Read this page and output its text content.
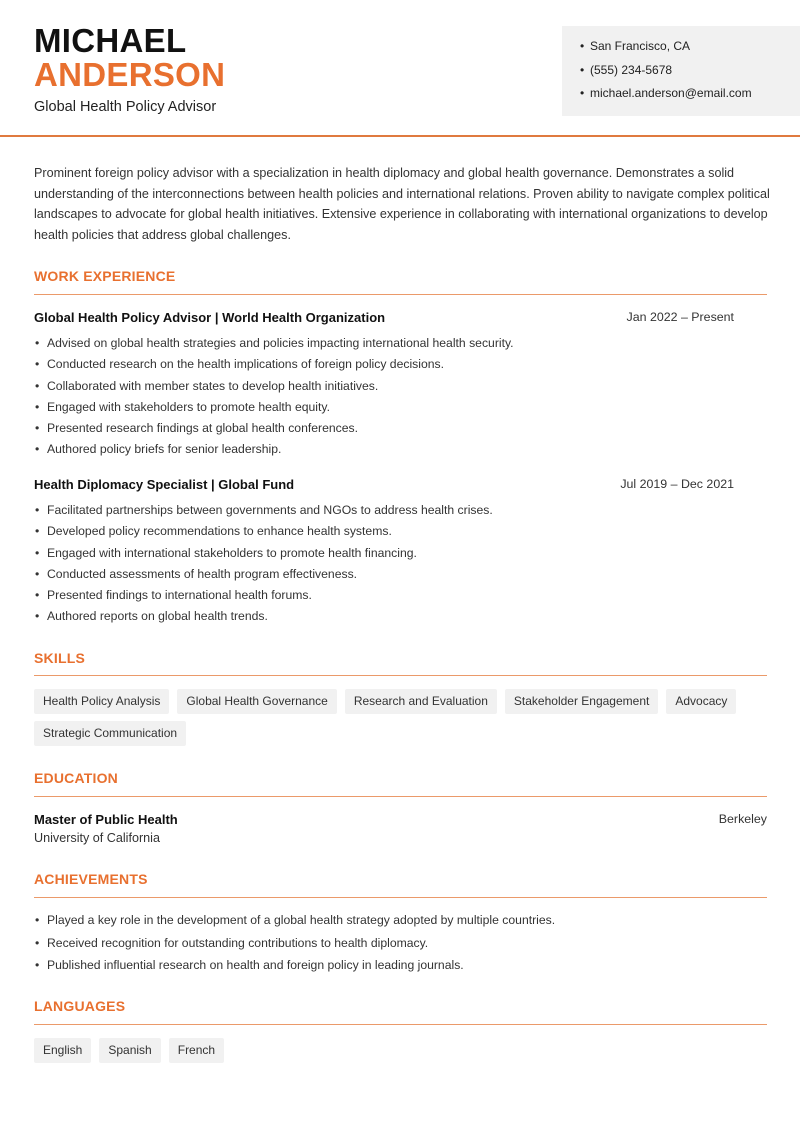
MICHAEL
ANDERSON
Global Health Policy Advisor
• San Francisco, CA
• (555) 234-5678
• michael.anderson@email.com

Prominent foreign policy advisor with a specialization in health diplomacy and global health governance. Demonstrates a solid understanding of the interconnections between health policies and international relations. Proven ability to navigate complex political landscapes to advocate for global health initiatives. Extensive experience in collaborating with international organizations to develop health policies that address global challenges.

WORK EXPERIENCE
Global Health Policy Advisor | World Health Organization	Jan 2022 – Present
• Advised on global health strategies and policies impacting international health security.
• Conducted research on the health implications of foreign policy decisions.
• Collaborated with member states to develop health initiatives.
• Engaged with stakeholders to promote health equity.
• Presented research findings at global health conferences.
• Authored policy briefs for senior leadership.
Health Diplomacy Specialist | Global Fund	Jul 2019 – Dec 2021
• Facilitated partnerships between governments and NGOs to address health crises.
• Developed policy recommendations to enhance health systems.
• Engaged with international stakeholders to promote health financing.
• Conducted assessments of health program effectiveness.
• Presented findings to international health forums.
• Authored reports on global health trends.
SKILLS
Health Policy Analysis	Global Health Governance	Research and Evaluation	Stakeholder Engagement	Advocacy
Strategic Communication
EDUCATION
Master of Public Health	Berkeley
University of California
ACHIEVEMENTS
• Played a key role in the development of a global health strategy adopted by multiple countries.
• Received recognition for outstanding contributions to health diplomacy.
• Published influential research on health and foreign policy in leading journals.
LANGUAGES
English	Spanish	French
